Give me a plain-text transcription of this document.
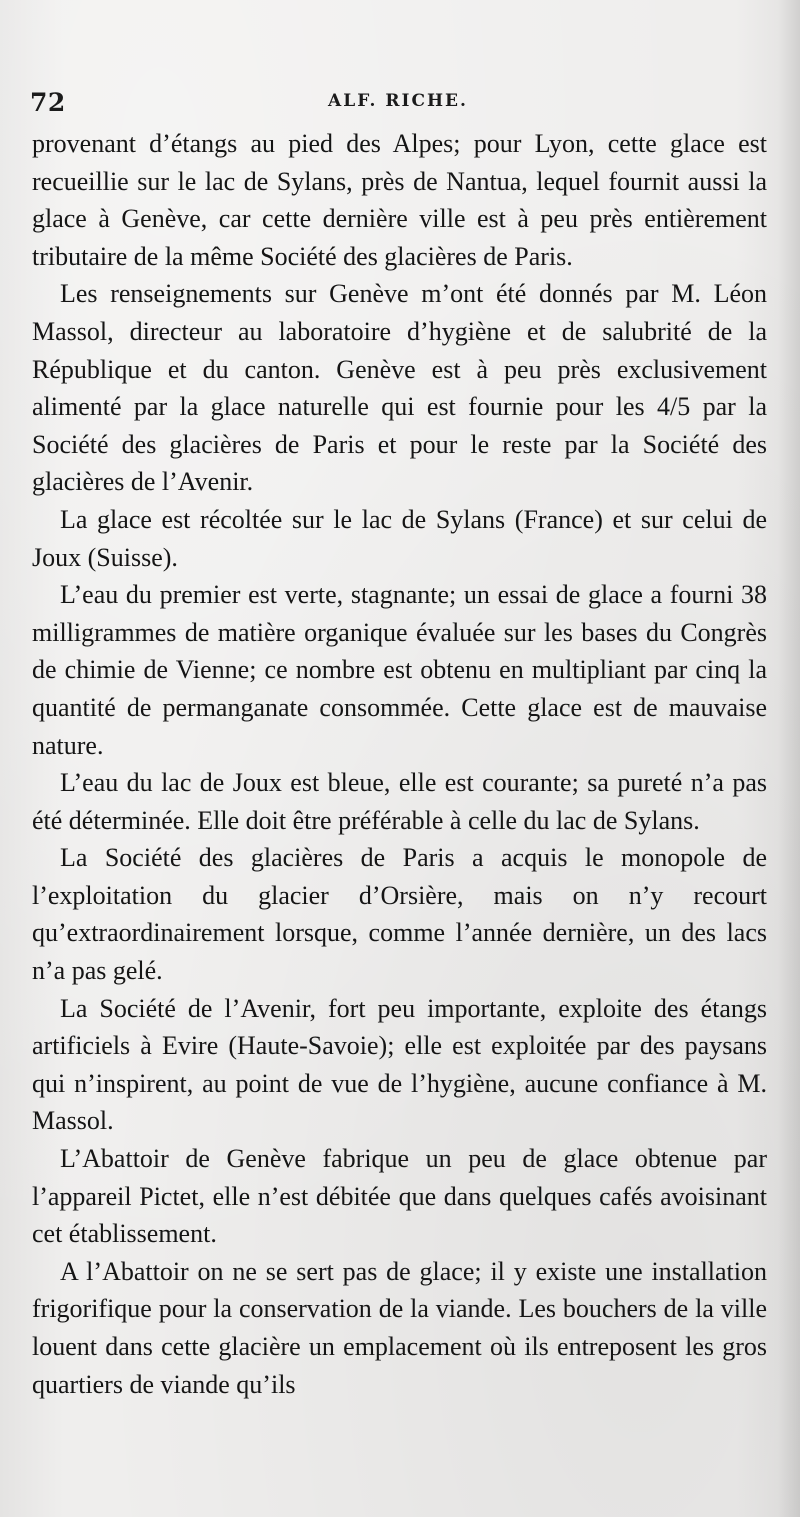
72	ALF. RICHE.

provenant d’étangs au pied des Alpes; pour Lyon, cette glace est recueillie sur le lac de Sylans, près de Nantua, lequel fournit aussi la glace à Genève, car cette dernière ville est à peu près entièrement tributaire de la même Société des glacières de Paris.

Les renseignements sur Genève m’ont été donnés par M. Léon Massol, directeur au laboratoire d’hygiène et de salubrité de la République et du canton. Genève est à peu près exclusivement alimenté par la glace naturelle qui est fournie pour les 4/5 par la Société des glacières de Paris et pour le reste par la Société des glacières de l’Avenir.

La glace est récoltée sur le lac de Sylans (France) et sur celui de Joux (Suisse).

L’eau du premier est verte, stagnante; un essai de glace a fourni 38 milligrammes de matière organique évaluée sur les bases du Congrès de chimie de Vienne; ce nombre est obtenu en multipliant par cinq la quantité de permanganate consommée. Cette glace est de mauvaise nature.

L’eau du lac de Joux est bleue, elle est courante; sa pureté n’a pas été déterminée. Elle doit être préférable à celle du lac de Sylans.

La Société des glacières de Paris a acquis le monopole de l’exploitation du glacier d’Orsière, mais on n’y recourt qu’extraordinairement lorsque, comme l’année dernière, un des lacs n’a pas gelé.

La Société de l’Avenir, fort peu importante, exploite des étangs artificiels à Evire (Haute-Savoie); elle est exploitée par des paysans qui n’inspirent, au point de vue de l’hygiène, aucune confiance à M. Massol.

L’Abattoir de Genève fabrique un peu de glace obtenue par l’appareil Pictet, elle n’est débitée que dans quelques cafés avoisinant cet établissement.

A l’Abattoir on ne se sert pas de glace; il y existe une installation frigorifique pour la conservation de la viande. Les bouchers de la ville louent dans cette glacière un emplacement où ils entreposent les gros quartiers de viande qu’ils
